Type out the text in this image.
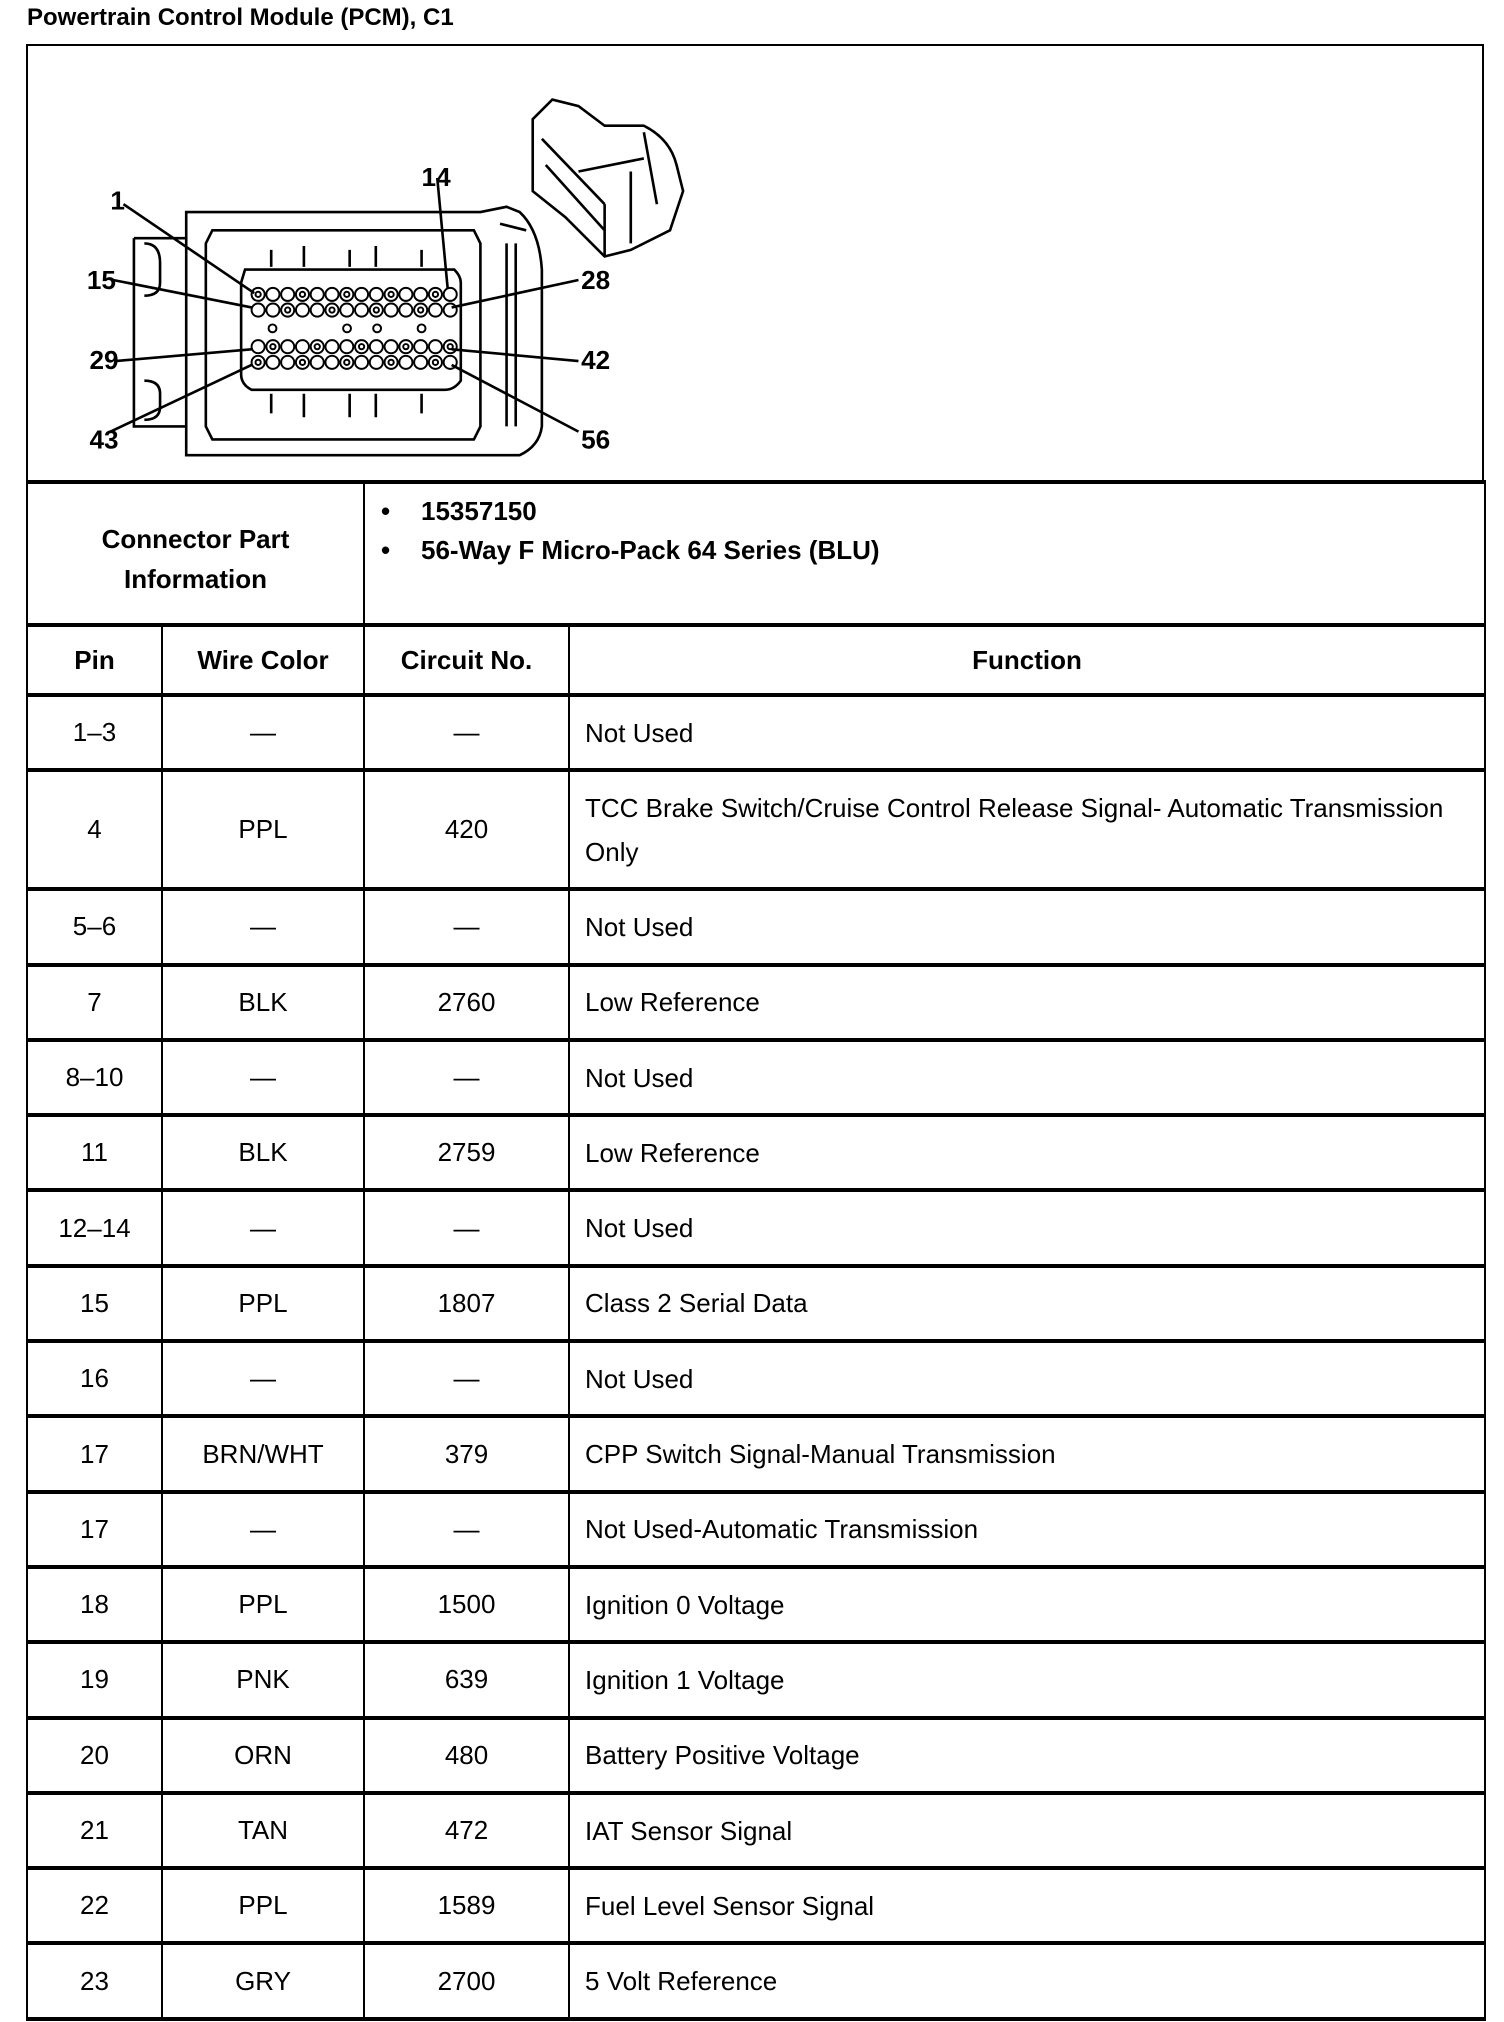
Powertrain Control Module (PCM), C1
1
14
15	28
29	42
43	56
Connector Part Information		• 15357150
• 56-Way F Micro-Pack 64 Series (BLU)	

Pin	Wire Color	Circuit No.	Function
1–3	—	—	Not Used
4	PPL	420	TCC Brake Switch/Cruise Control Release Signal- Automatic Transmission Only
5–6	—	—	Not Used
7	BLK	2760	Low Reference
8–10	—	—	Not Used
11	BLK	2759	Low Reference
12–14	—	—	Not Used
15	PPL	1807	Class 2 Serial Data
16	—	—	Not Used
17	BRN/WHT	379	CPP Switch Signal-Manual Transmission
17	—	—	Not Used-Automatic Transmission
18	PPL	1500	Ignition 0 Voltage
19	PNK	639	Ignition 1 Voltage
20	ORN	480	Battery Positive Voltage
21	TAN	472	IAT Sensor Signal
22	PPL	1589	Fuel Level Sensor Signal
23	GRY	2700	5 Volt Reference
